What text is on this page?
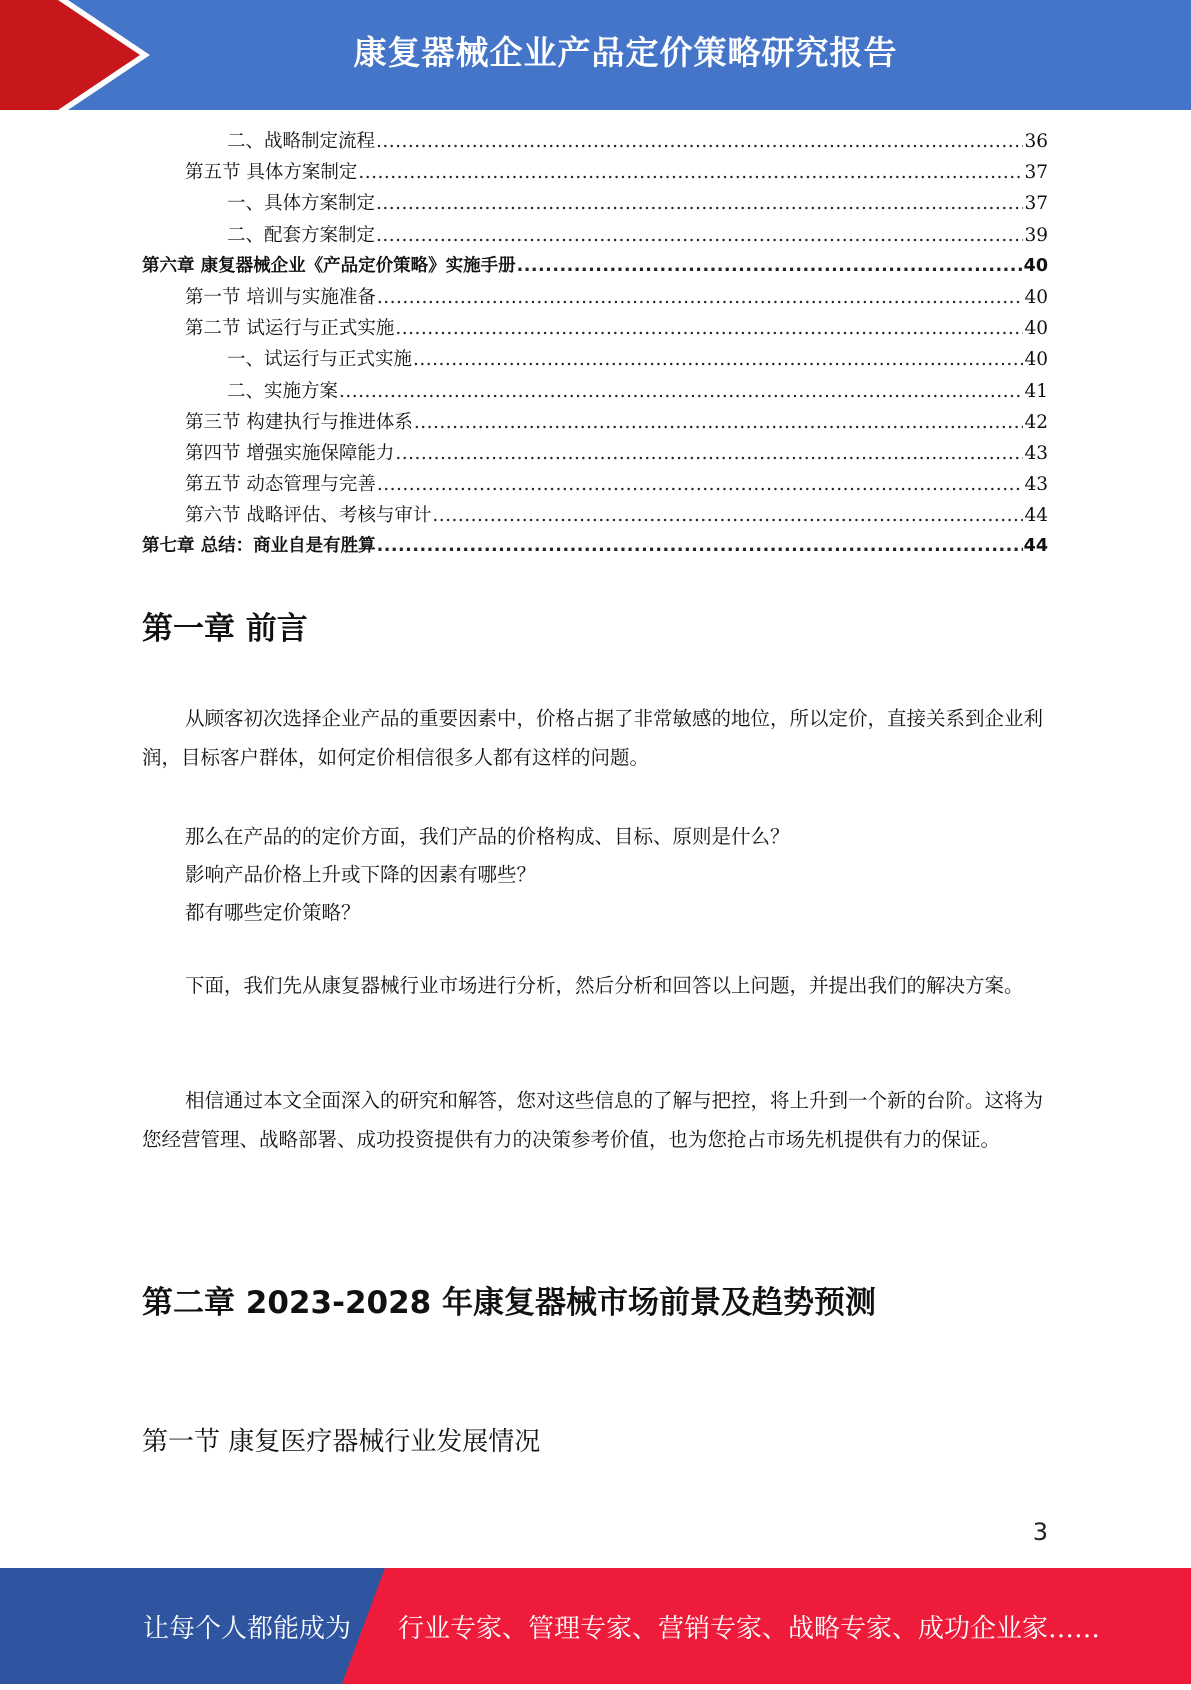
康复器械企业产品定价策略研究报告
二、战略制定流程 .....	36
第五节 具体方案制定 .....	37
一、具体方案制定 .....	37
二、配套方案制定 .....	39
第六章 康复器械企业《产品定价策略》实施手册 .....	40
第一节 培训与实施准备 .....	40
第二节 试运行与正式实施 .....	40
一、试运行与正式实施 .....	40
二、实施方案 .....	41
第三节 构建执行与推进体系 .....	42
第四节 增强实施保障能力 .....	43
第五节 动态管理与完善 .....	43
第六节 战略评估、考核与审计 .....	44
第七章 总结：商业自是有胜算 .....	44
第一章 前言

从顾客初次选择企业产品的重要因素中，价格占据了非常敏感的地位，所以定价，直接关系到企业利润，目标客户群体，如何定价相信很多人都有这样的问题。

那么在产品的的定价方面，我们产品的价格构成、目标、原则是什么？
影响产品价格上升或下降的因素有哪些？
都有哪些定价策略？

下面，我们先从康复器械行业市场进行分析，然后分析和回答以上问题，并提出我们的解决方案。

相信通过本文全面深入的研究和解答，您对这些信息的了解与把控，将上升到一个新的台阶。这将为您经营管理、战略部署、成功投资提供有力的决策参考价值，也为您抢占市场先机提供有力的保证。

第二章 2023-2028 年康复器械市场前景及趋势预测
第一节 康复医疗器械行业发展情况
3
让每个人都能成为 行业专家、管理专家、营销专家、战略专家、成功企业家……
